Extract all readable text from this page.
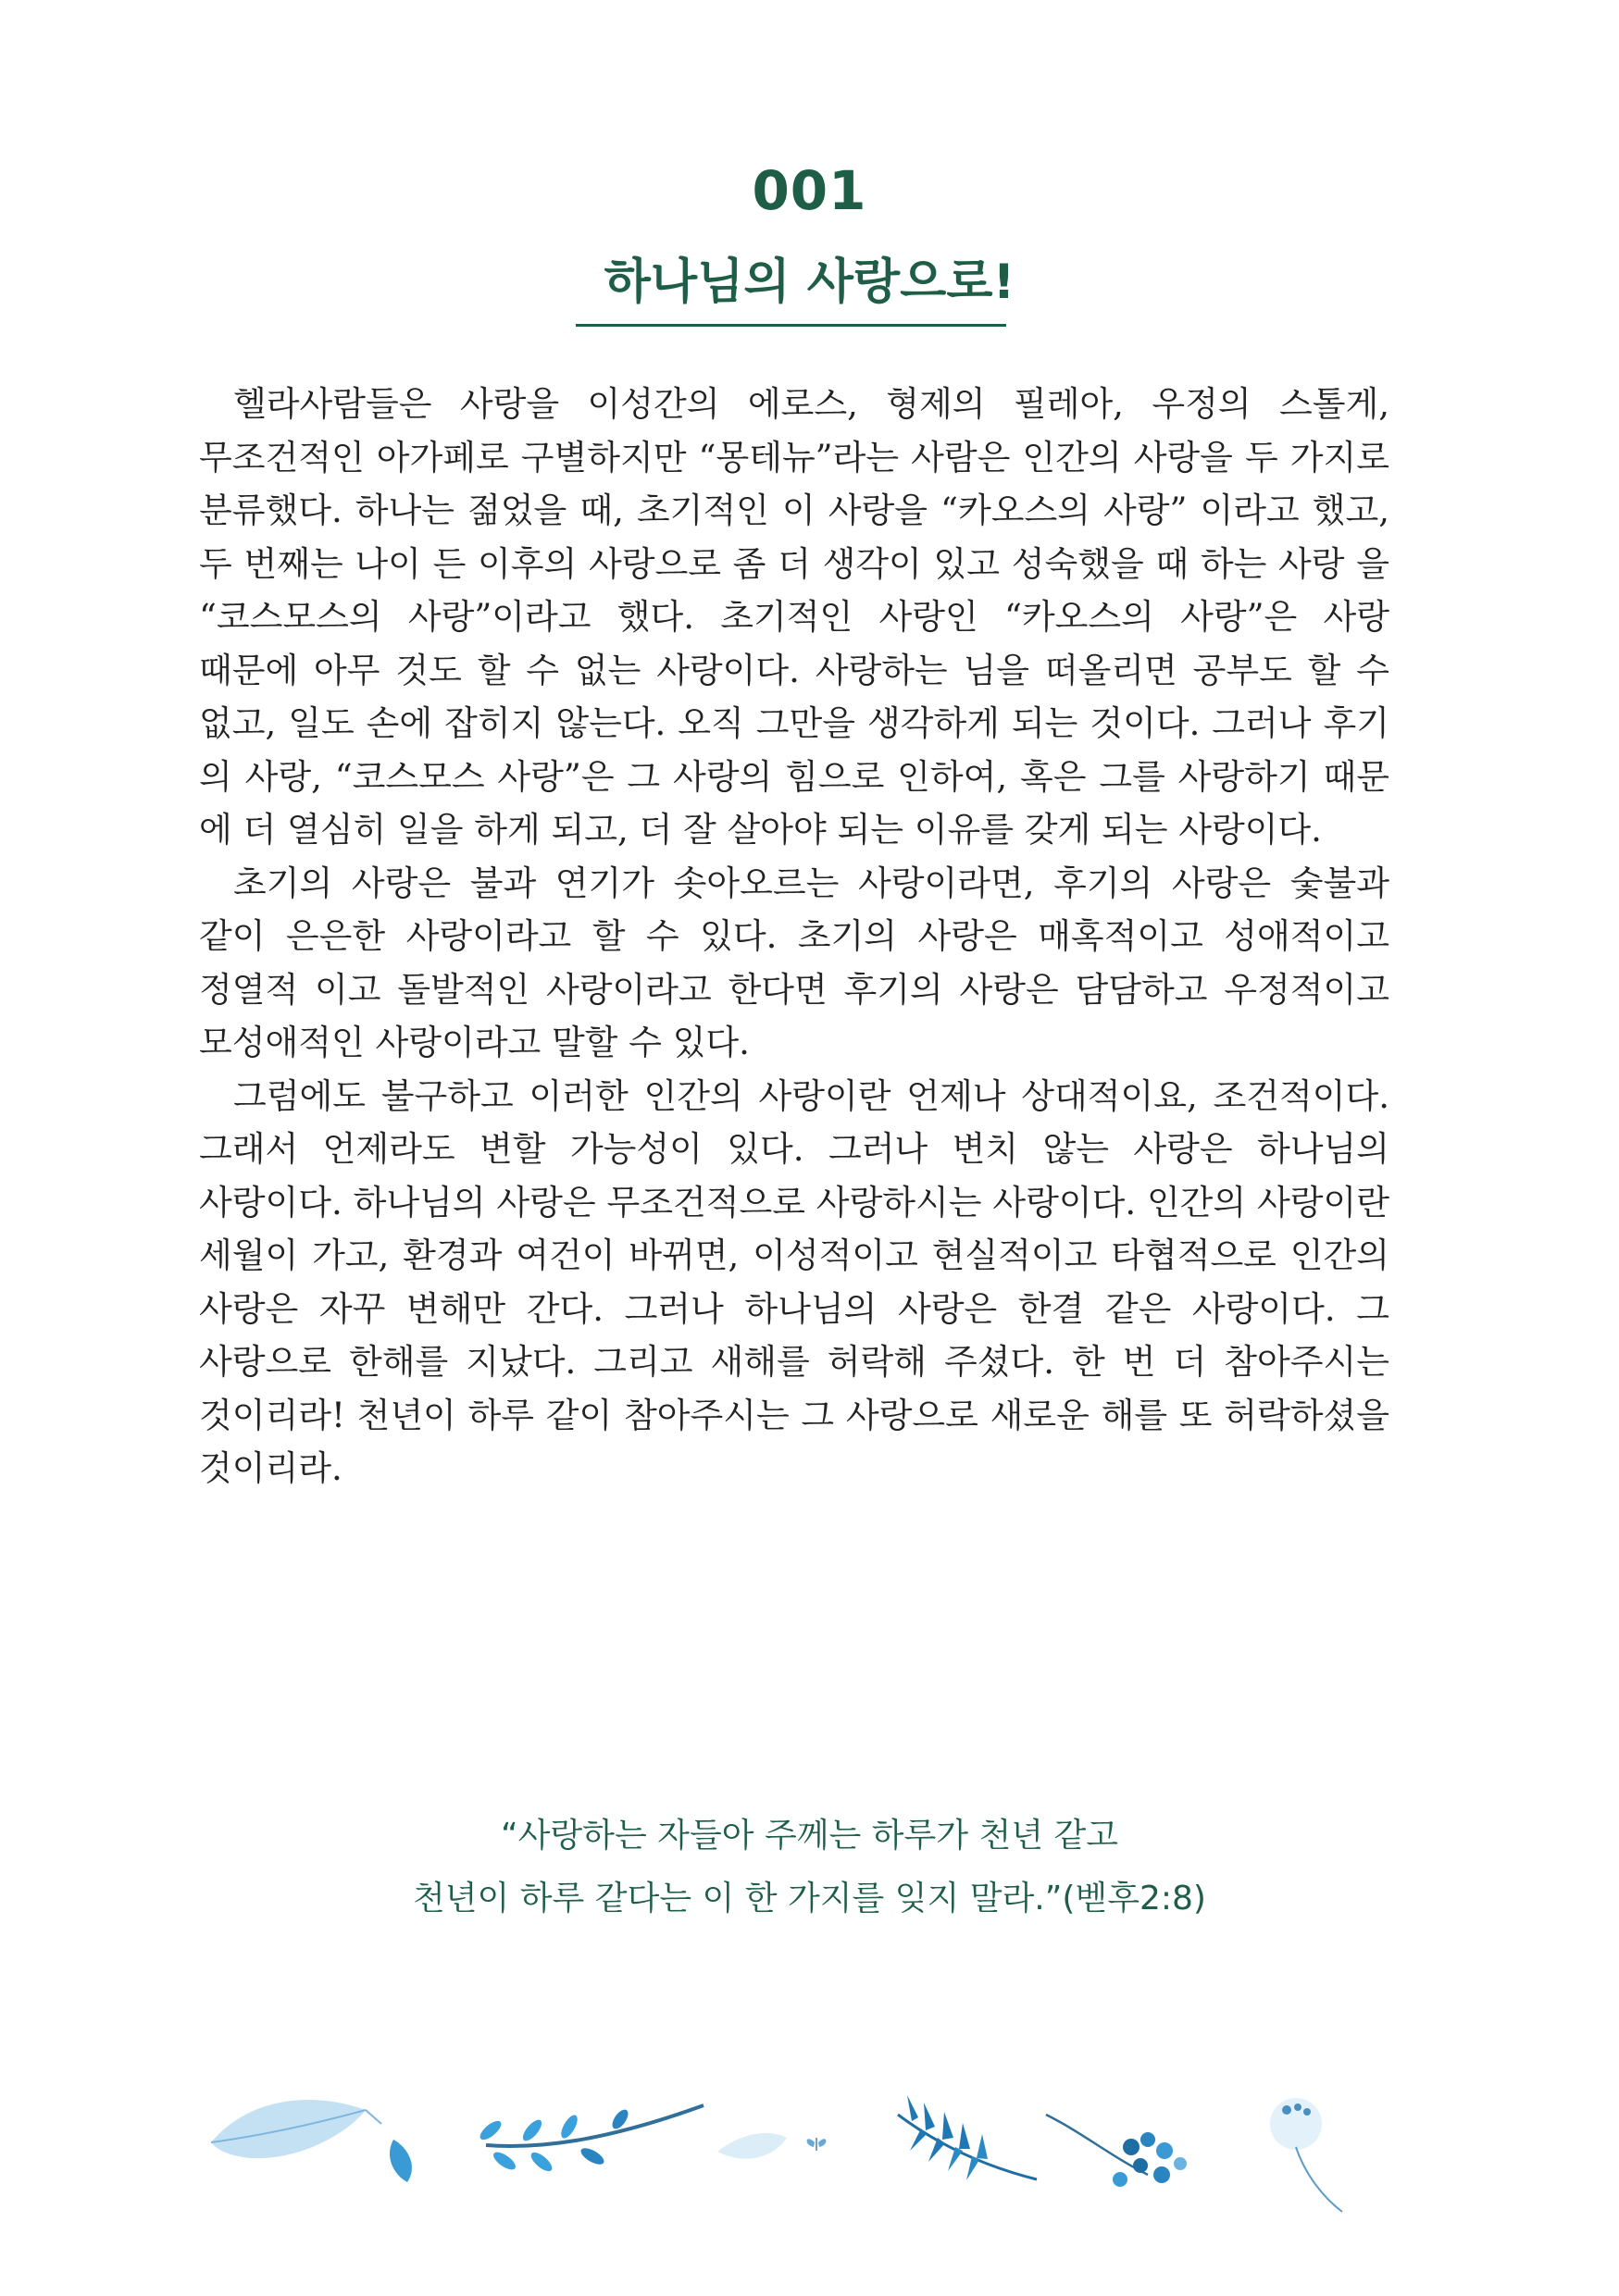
001
하나님의 사랑으로!

헬라사람들은 사랑을 이성간의 에로스, 형제의 필레아, 우정의 스톨게, 무조건적인 아가페로 구별하지만 “몽테뉴”라는 사람은 인간의 사랑을 두 가지로 분류했다. 하나는 젊었을 때, 초기적인 이 사랑을 “카오스의 사랑” 이라고 했고, 두 번째는 나이 든 이후의 사랑으로 좀 더 생각이 있고 성숙했을 때 하는 사랑 을 “코스모스의 사랑”이라고 했다. 초기적인 사랑인 “카오스의 사랑”은 사랑 때문에 아무 것도 할 수 없는 사랑이다. 사랑하는 님을 떠올리면 공부도 할 수 없고, 일도 손에 잡히지 않는다. 오직 그만을 생각하게 되는 것이다. 그러나 후기 의 사랑, “코스모스 사랑”은 그 사랑의 힘으로 인하여, 혹은 그를 사랑하기 때문 에 더 열심히 일을 하게 되고, 더 잘 살아야 되는 이유를 갖게 되는 사랑이다.

초기의 사랑은 불과 연기가 솟아오르는 사랑이라면, 후기의 사랑은 숯불과 같이 은은한 사랑이라고 할 수 있다. 초기의 사랑은 매혹적이고 성애적이고 정열적 이고 돌발적인 사랑이라고 한다면 후기의 사랑은 담담하고 우정적이고 모성애적인 사랑이라고 말할 수 있다.

그럼에도 불구하고 이러한 인간의 사랑이란 언제나 상대적이요, 조건적이다. 그래서 언제라도 변할 가능성이 있다. 그러나 변치 않는 사랑은 하나님의 사랑이다. 하나님의 사랑은 무조건적으로 사랑하시는 사랑이다. 인간의 사랑이란 세월이 가고, 환경과 여건이 바뀌면, 이성적이고 현실적이고 타협적으로 인간의 사랑은 자꾸 변해만 간다. 그러나 하나님의 사랑은 한결 같은 사랑이다. 그 사랑으로 한해를 지났다. 그리고 새해를 허락해 주셨다. 한 번 더 참아주시는 것이리라! 천년이 하루 같이 참아주시는 그 사랑으로 새로운 해를 또 허락하셨을 것이리라.

“사랑하는 자들아 주께는 하루가 천년 같고
천년이 하루 같다는 이 한 가지를 잊지 말라.”(벧후2:8)
